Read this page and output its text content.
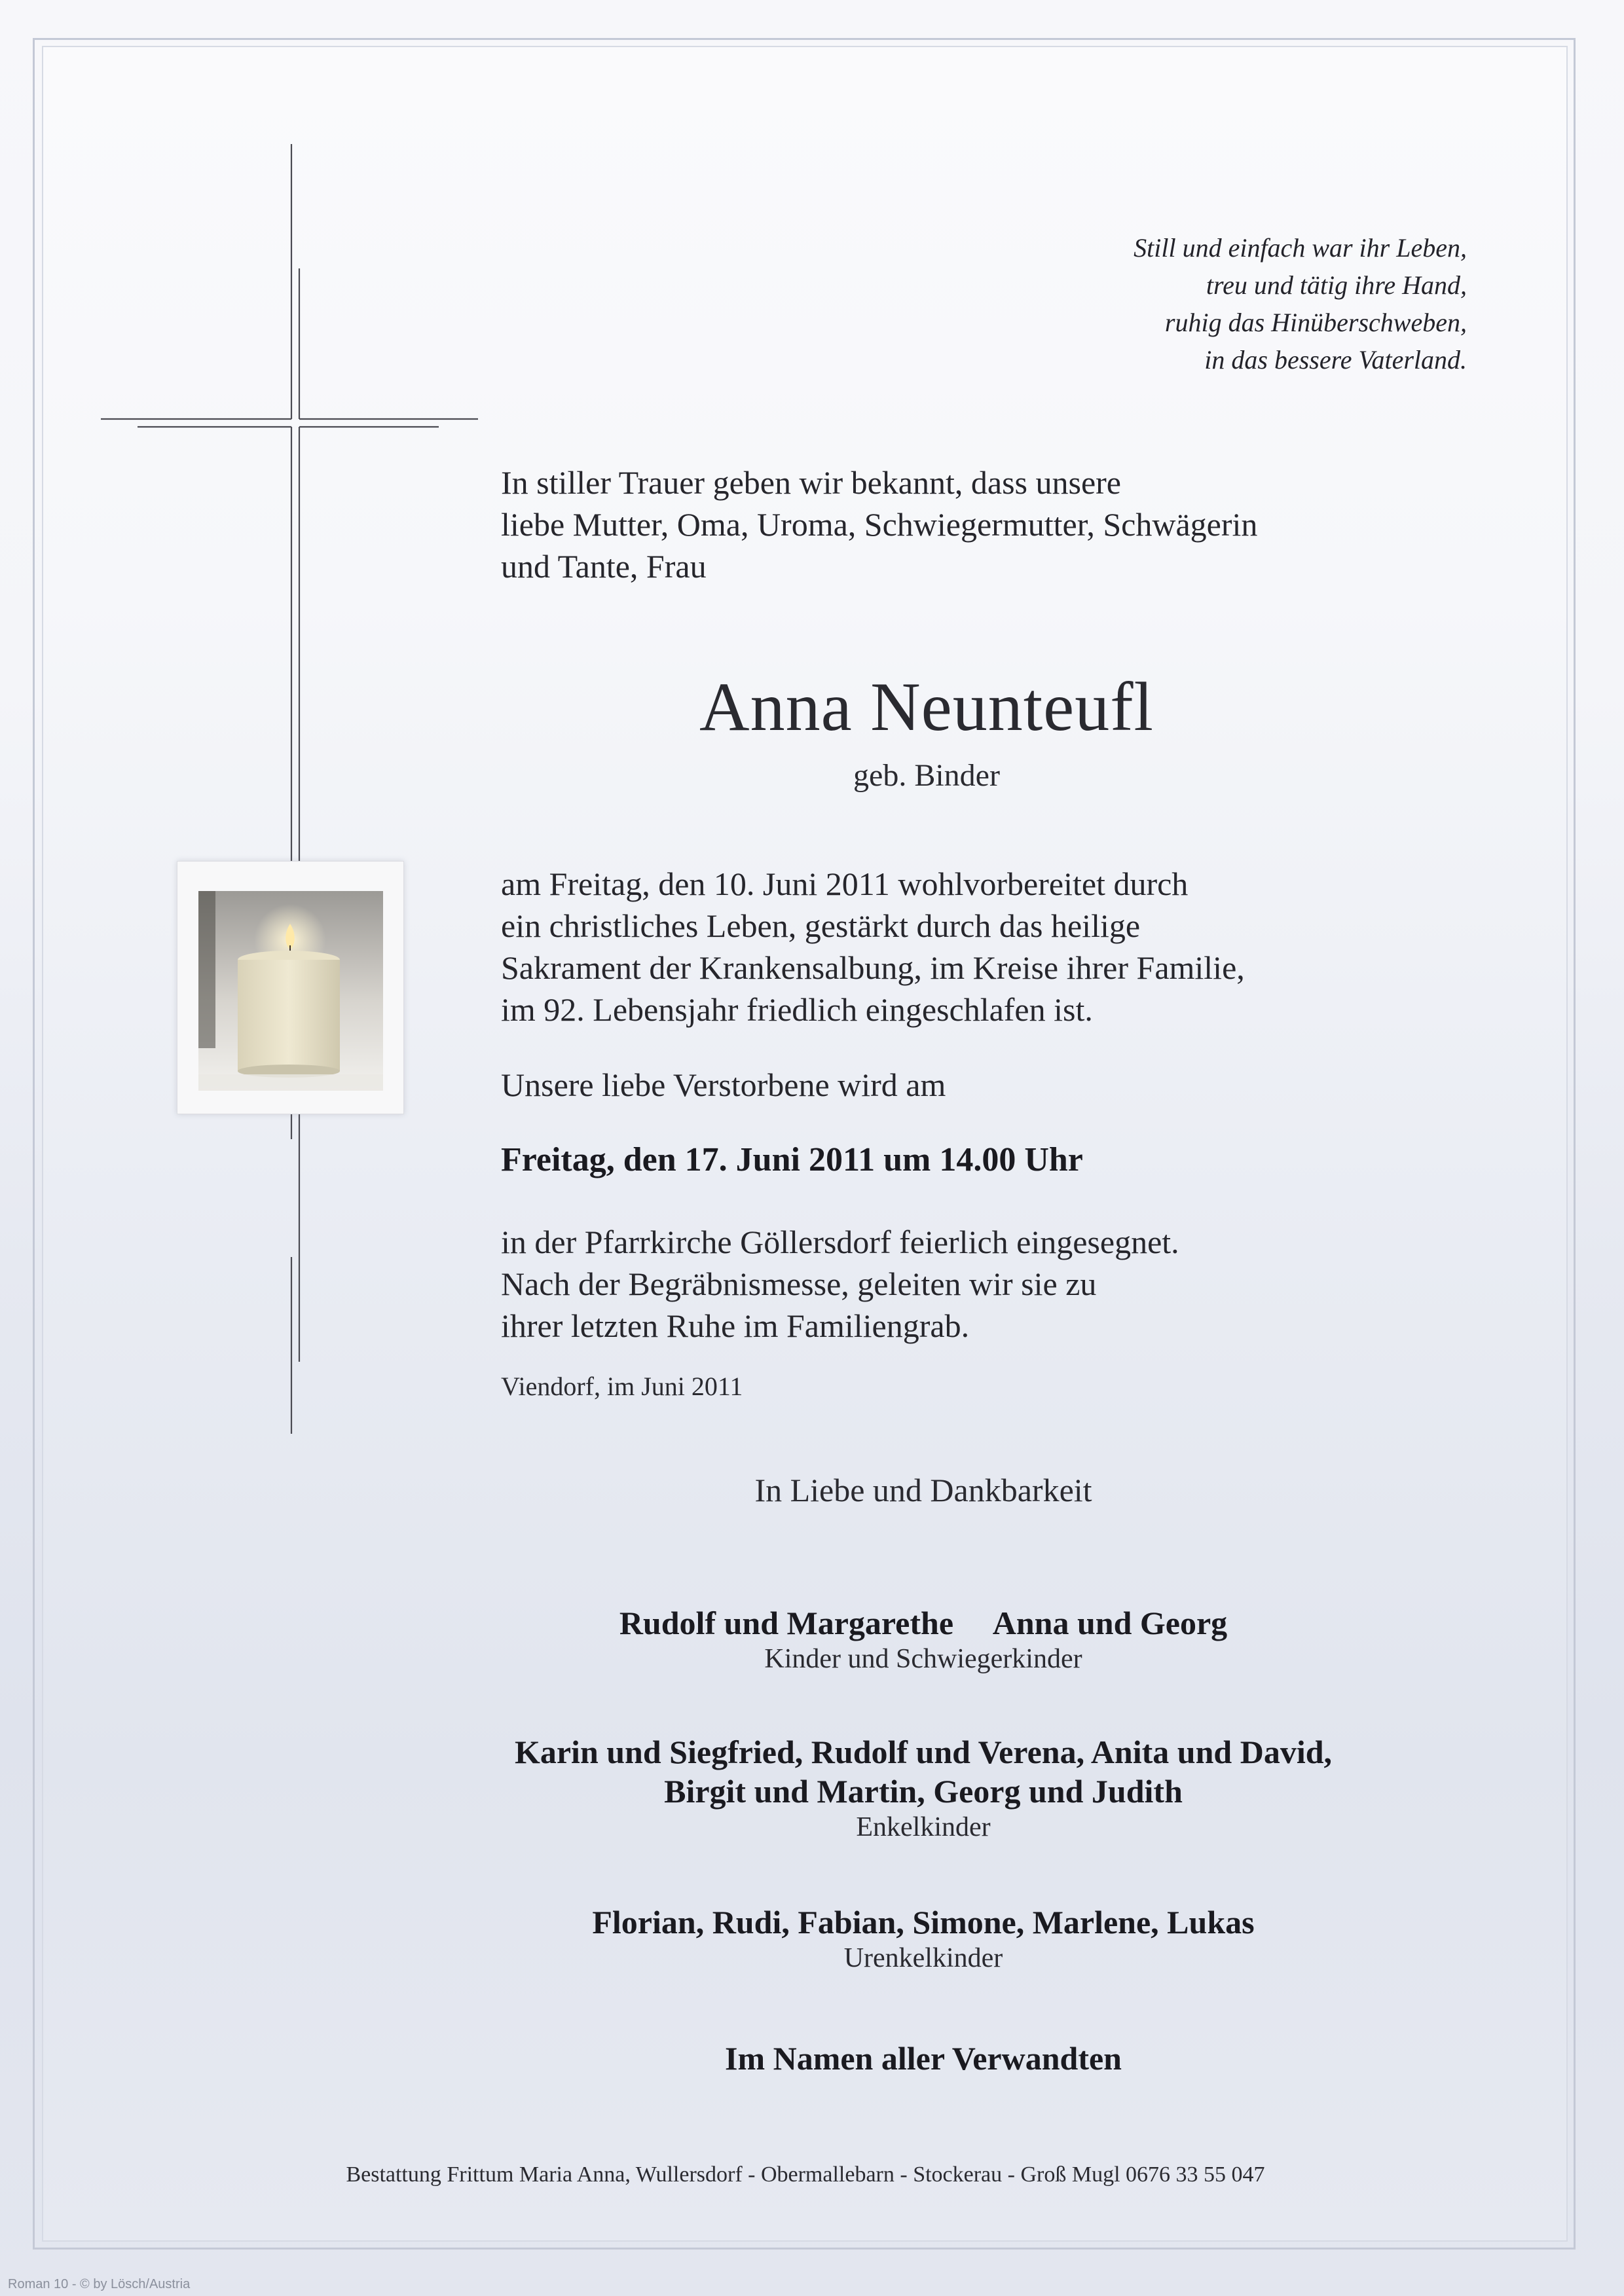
Still und einfach war ihr Leben,
treu und tätig ihre Hand,
ruhig das Hinüberschweben,
in das bessere Vaterland.
In stiller Trauer geben wir bekannt, dass unsere
liebe Mutter, Oma, Uroma, Schwiegermutter, Schwägerin
und Tante, Frau
Anna Neunteufl
geb. Binder
am Freitag, den 10. Juni 2011 wohlvorbereitet durch
ein christliches Leben, gestärkt durch das heilige
Sakrament der Krankensalbung, im Kreise ihrer Familie,
im 92. Lebensjahr friedlich eingeschlafen ist.
Unsere liebe Verstorbene wird am
Freitag, den 17. Juni 2011 um 14.00 Uhr
in der Pfarrkirche Göllersdorf feierlich eingesegnet.
Nach der Begräbnismesse, geleiten wir sie zu
ihrer letzten Ruhe im Familiengrab.
Viendorf, im Juni 2011
In Liebe und Dankbarkeit
Rudolf und Margarethe     Anna und Georg
Kinder und Schwiegerkinder
Karin und Siegfried, Rudolf und Verena, Anita und David,
Birgit und Martin, Georg und Judith
Enkelkinder
Florian, Rudi, Fabian, Simone, Marlene, Lukas
Urenkelkinder
Im Namen aller Verwandten
Bestattung Frittum Maria Anna, Wullersdorf - Obermallebarn - Stockerau - Groß Mugl 0676 33 55 047
Roman 10 - © by Lösch/Austria
